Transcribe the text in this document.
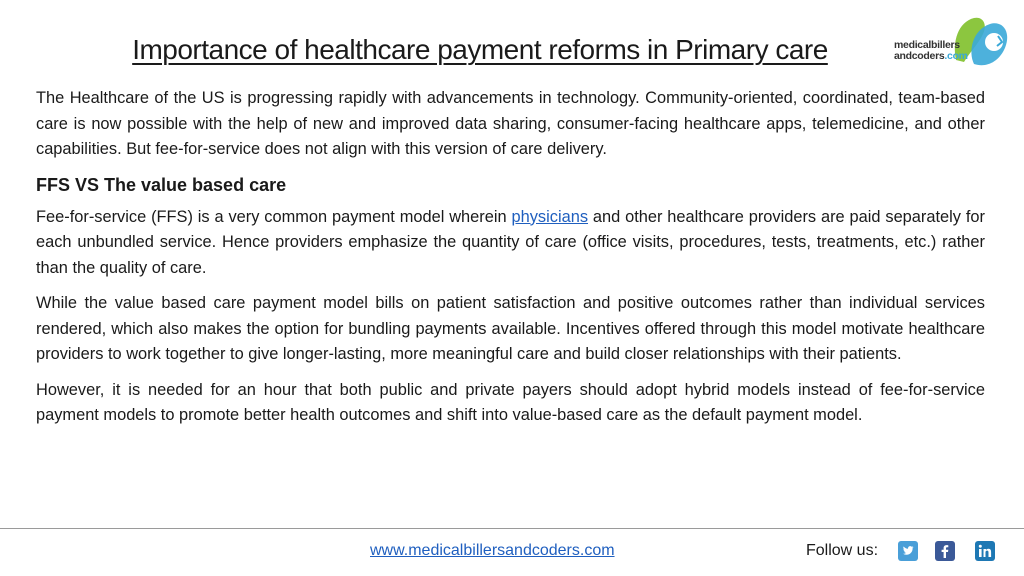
Importance of healthcare payment reforms in Primary care	medicalbillers
andcoders.com

The Healthcare of the US is progressing rapidly with advancements in technology. Community-oriented, coordinated, team-based care is now possible with the help of new and improved data sharing, consumer-facing healthcare apps, telemedicine, and other capabilities. But fee-for-service does not align with this version of care delivery.

FFS VS The value based care

Fee-for-service (FFS) is a very common payment model wherein physicians and other healthcare providers are paid separately for each unbundled service. Hence providers emphasize the quantity of care (office visits, procedures, tests, treatments, etc.) rather than the quality of care.

While the value based care payment model bills on patient satisfaction and positive outcomes rather than individual services rendered, which also makes the option for bundling payments available. Incentives offered through this model motivate healthcare providers to work together to give longer-lasting, more meaningful care and build closer relationships with their patients.

However, it is needed for an hour that both public and private payers should adopt hybrid models instead of fee-for-service payment models to promote better health outcomes and shift into value-based care as the default payment model.

www.medicalbillersandcoders.com	Follow us:
